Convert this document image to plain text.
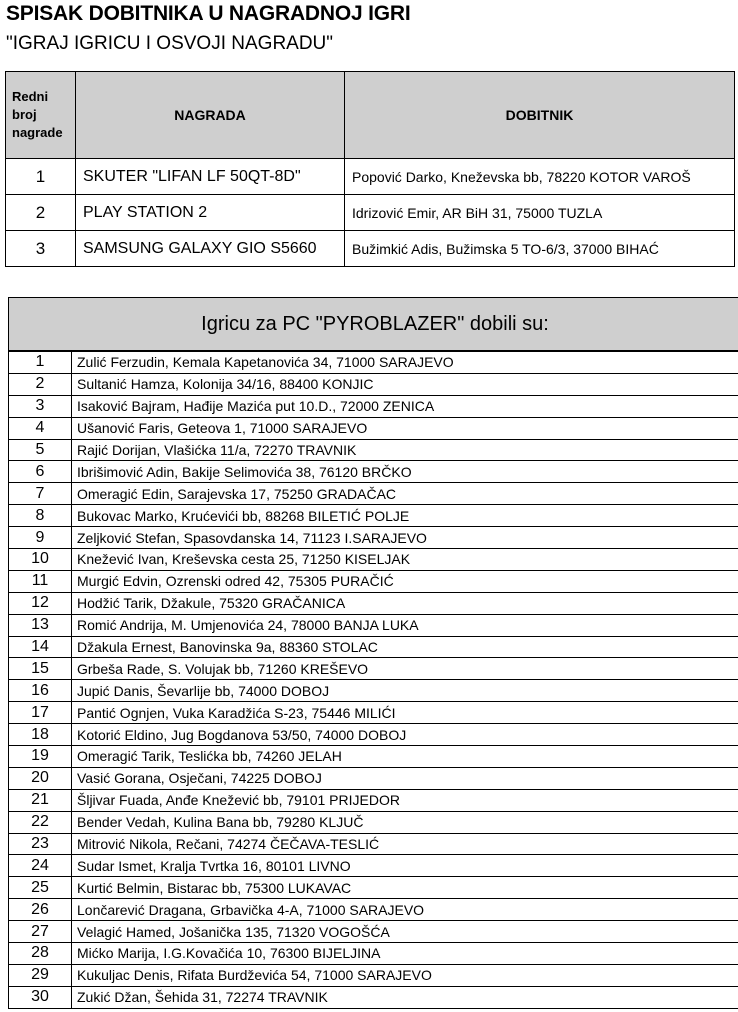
SPISAK DOBITNIKA U NAGRADNOJ IGRI
"IGRAJ IGRICU I OSVOJI NAGRADU"
Redni
broj
nagrade	NAGRADA	DOBITNIK
1	SKUTER "LIFAN LF 50QT-8D"	Popović Darko, Kneževska bb, 78220 KOTOR VAROŠ
2	PLAY STATION 2	Idrizović Emir, AR BiH 31, 75000 TUZLA
3	SAMSUNG GALAXY GIO S5660	Bužimkić Adis, Bužimska 5 TO-6/3, 37000 BIHAĆ
Igricu za PC "PYROBLAZER" dobili su:	
1	Zulić Ferzudin, Kemala Kapetanovića 34, 71000 SARAJEVO
2	Sultanić Hamza, Kolonija 34/16, 88400 KONJIC
3	Isaković Bajram, Hađije Mazića put 10.D., 72000 ZENICA
4	Ušanović Faris, Geteova 1, 71000 SARAJEVO
5	Rajić Dorijan, Vlašićka 11/a, 72270 TRAVNIK
6	Ibrišimović Adin, Bakije Selimovića 38, 76120 BRČKO
7	Omeragić Edin, Sarajevska 17, 75250 GRADAČAC
8	Bukovac Marko, Krućevići bb, 88268 BILETIĆ POLJE
9	Zeljković Stefan, Spasovdanska 14, 71123 I.SARAJEVO
10	Knežević Ivan, Kreševska cesta 25, 71250 KISELJAK
11	Murgić Edvin, Ozrenski odred 42, 75305 PURAČIĆ
12	Hodžić Tarik, Džakule, 75320 GRAČANICA
13	Romić Andrija, M. Umjenovića 24, 78000 BANJA LUKA
14	Džakula Ernest, Banovinska 9a, 88360 STOLAC
15	Grbeša Rade, S. Volujak bb, 71260 KREŠEVO
16	Jupić Danis, Ševarlije bb, 74000 DOBOJ
17	Pantić Ognjen, Vuka Karadžića S-23, 75446 MILIĆI
18	Kotorić Eldino, Jug Bogdanova 53/50, 74000 DOBOJ
19	Omeragić Tarik, Teslićka bb, 74260 JELAH
20	Vasić Gorana, Osječani, 74225 DOBOJ
21	Šljivar Fuada, Anđe Knežević bb, 79101 PRIJEDOR
22	Bender Vedah, Kulina Bana bb, 79280 KLJUČ
23	Mitrović Nikola, Rečani, 74274 ČEČAVA-TESLIĆ
24	Sudar Ismet, Kralja Tvrtka 16, 80101 LIVNO
25	Kurtić Belmin, Bistarac bb, 75300 LUKAVAC
26	Lončarević Dragana, Grbavička 4-A, 71000 SARAJEVO
27	Velagić Hamed, Jošanička 135, 71320 VOGOŠĆA
28	Mićko Marija, I.G.Kovačića 10, 76300 BIJELJINA
29	Kukuljac Denis, Rifata Burdževića 54, 71000 SARAJEVO
30	Zukić Džan, Šehida 31, 72274 TRAVNIK
